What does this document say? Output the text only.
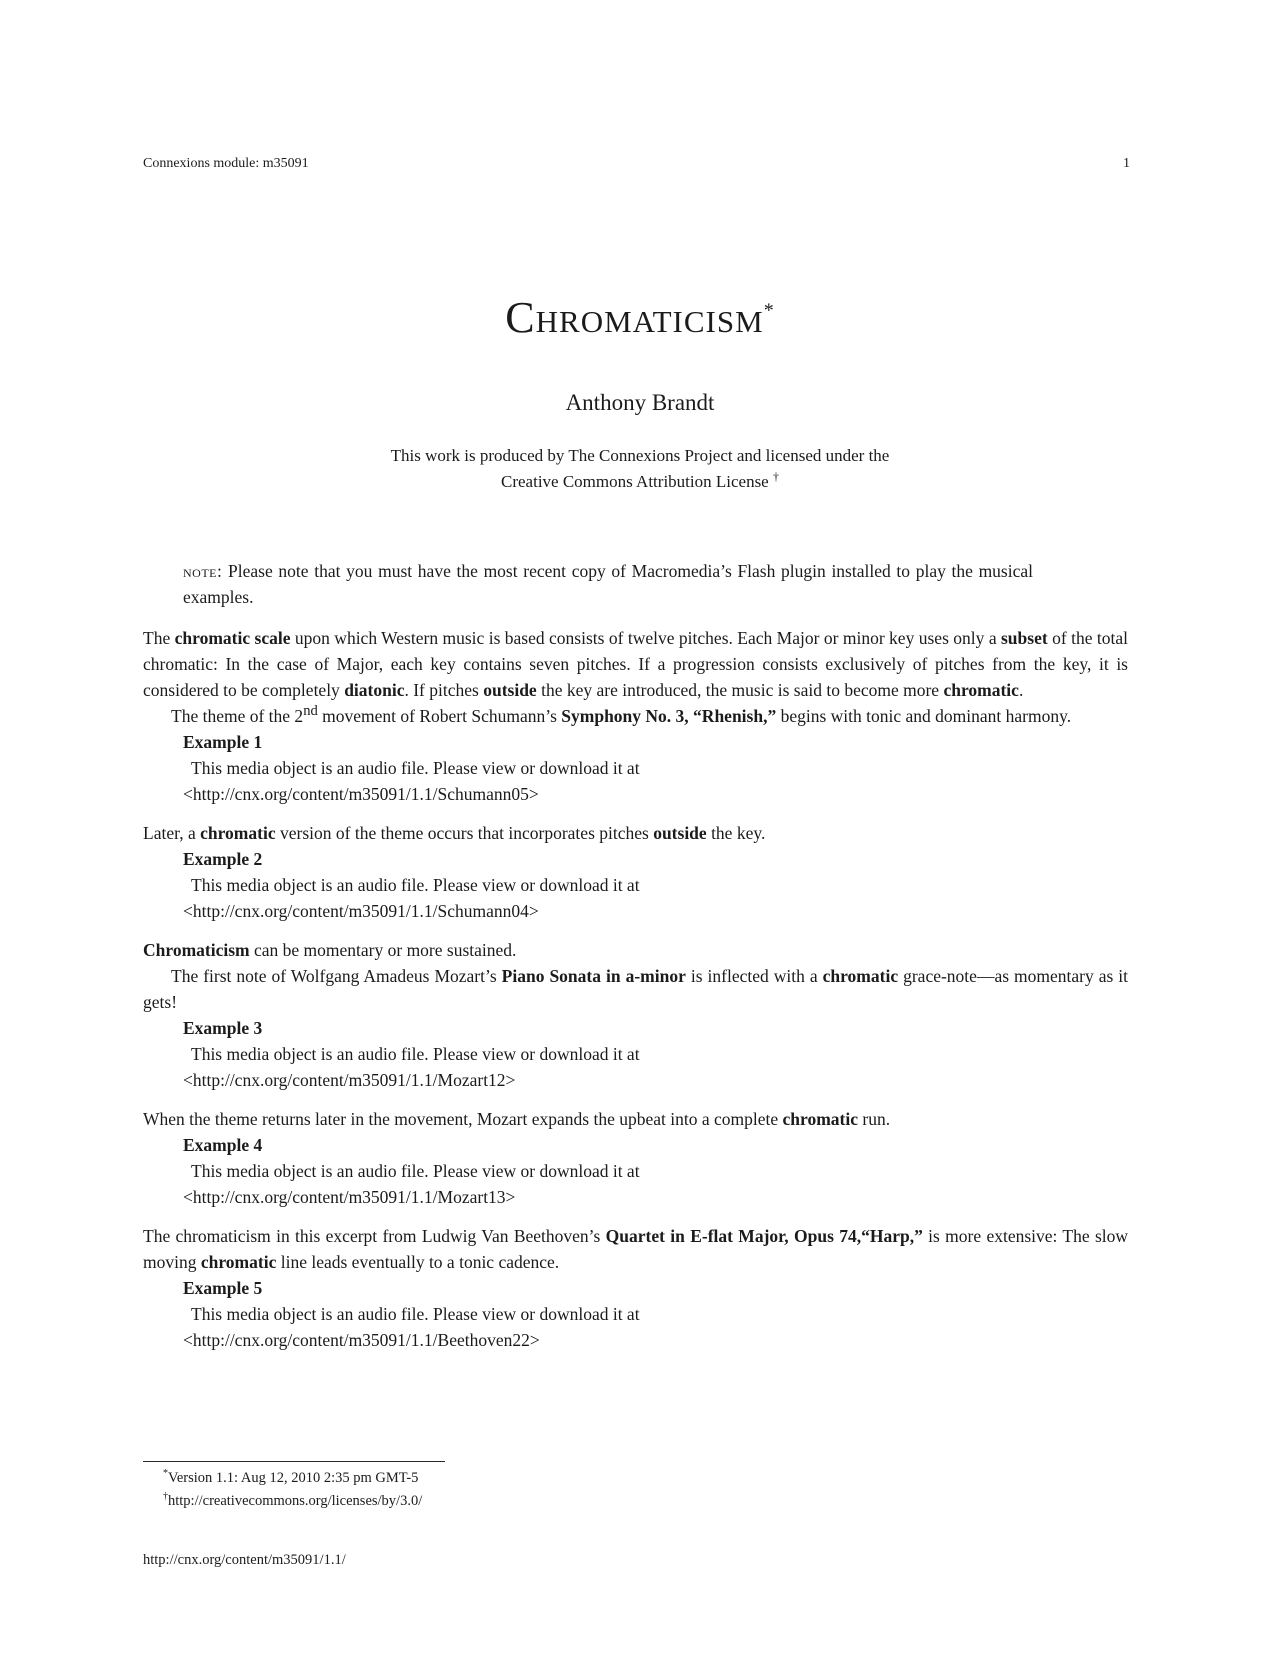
Connexions module: m35091	1
Chromaticism*
Anthony Brandt
This work is produced by The Connexions Project and licensed under the
Creative Commons Attribution License †
note: Please note that you must have the most recent copy of Macromedia’s Flash plugin installed to play the musical examples.

The chromatic scale upon which Western music is based consists of twelve pitches. Each Major or minor key uses only a subset of the total chromatic: In the case of Major, each key contains seven pitches. If a progression consists exclusively of pitches from the key, it is considered to be completely diatonic. If pitches outside the key are introduced, the music is said to become more chromatic.

The theme of the 2nd movement of Robert Schumann’s Symphony No. 3, “Rhenish,” begins with tonic and dominant harmony.

Example 1
This media object is an audio file. Please view or download it at
<http://cnx.org/content/m35091/1.1/Schumann05>

Later, a chromatic version of the theme occurs that incorporates pitches outside the key.

Example 2
This media object is an audio file. Please view or download it at
<http://cnx.org/content/m35091/1.1/Schumann04>

Chromaticism can be momentary or more sustained.

The first note of Wolfgang Amadeus Mozart’s Piano Sonata in a-minor is inflected with a chromatic grace-note—as momentary as it gets!

Example 3
This media object is an audio file. Please view or download it at
<http://cnx.org/content/m35091/1.1/Mozart12>

When the theme returns later in the movement, Mozart expands the upbeat into a complete chromatic run.

Example 4
This media object is an audio file. Please view or download it at
<http://cnx.org/content/m35091/1.1/Mozart13>

The chromaticism in this excerpt from Ludwig Van Beethoven’s Quartet in E-flat Major, Opus 74,“Harp,” is more extensive: The slow moving chromatic line leads eventually to a tonic cadence.

Example 5
This media object is an audio file. Please view or download it at
<http://cnx.org/content/m35091/1.1/Beethoven22>
*Version 1.1: Aug 12, 2010 2:35 pm GMT-5
†http://creativecommons.org/licenses/by/3.0/
http://cnx.org/content/m35091/1.1/
